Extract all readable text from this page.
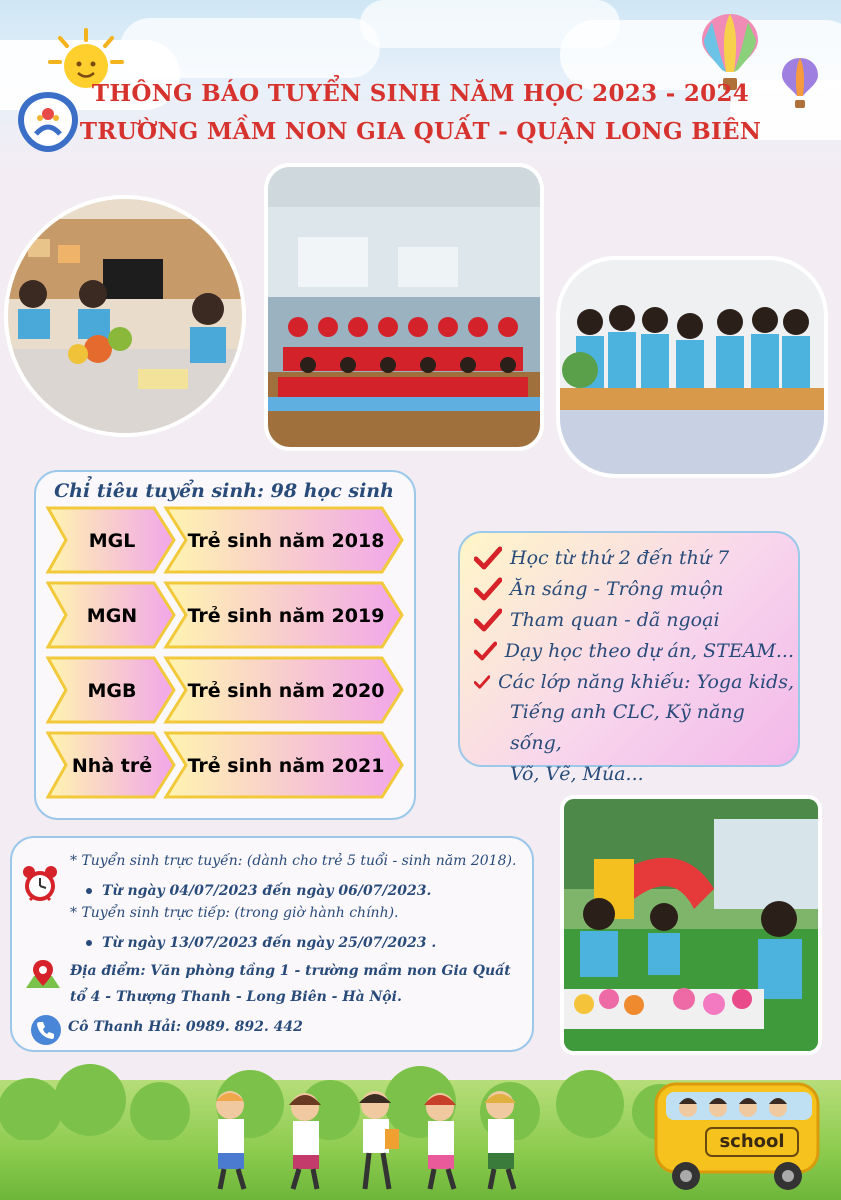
THÔNG BÁO TUYỂN SINH NĂM HỌC 2023 - 2024
TRƯỜNG MẦM NON GIA QUẤT - QUẬN LONG BIÊN
Chỉ tiêu tuyển sinh: 98 học sinh
MGL	Trẻ sinh năm 2018
MGN	Trẻ sinh năm 2019
MGB	Trẻ sinh năm 2020
Nhà trẻ Trẻ sinh năm 2021
Học từ thứ 2 đến thứ 7
Ăn sáng - Trông muộn
Tham quan - dã ngoại
Dạy học theo dự án, STEAM...
Các lớp năng khiếu: Yoga kids,
Tiếng anh CLC, Kỹ năng sống,
Võ, Vẽ, Múa...
* Tuyển sinh trực tuyến: (dành cho trẻ 5 tuổi - sinh năm 2018).
Từ ngày 04/07/2023 đến ngày 06/07/2023.
* Tuyển sinh trực tiếp: (trong giờ hành chính).
Từ ngày 13/07/2023 đến ngày 25/07/2023 .
Địa điểm: Văn phòng tầng 1 - trường mầm non Gia Quất
tổ 4 - Thượng Thanh - Long Biên - Hà Nội.
Cô Thanh Hải: 0989. 892. 442
school
